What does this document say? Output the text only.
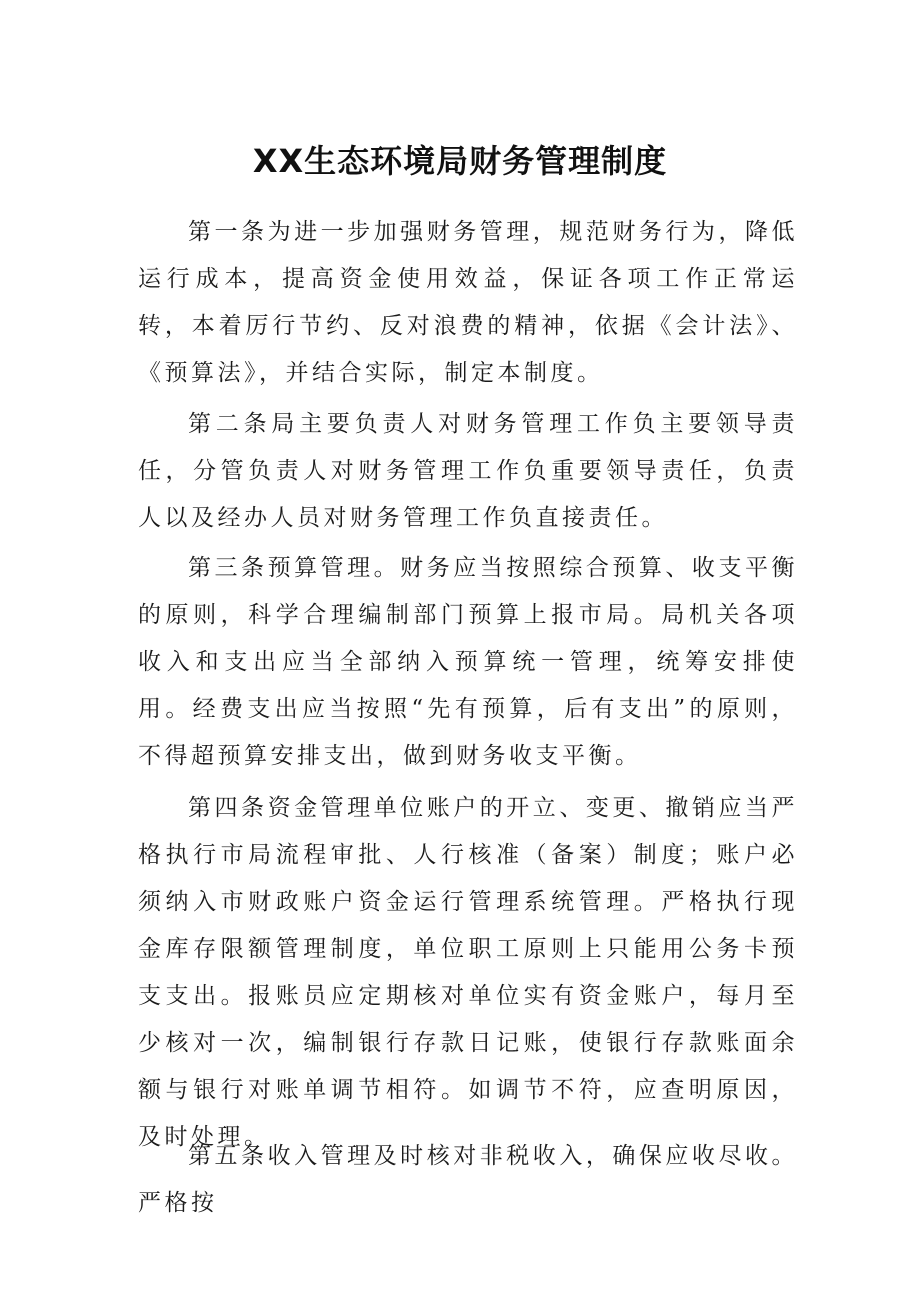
XX生态环境局财务管理制度

第一条为进一步加强财务管理，规范财务行为，降低运行成本，提高资金使用效益，保证各项工作正常运转，本着厉行节约、反对浪费的精神，依据《会计法》、《预算法》，并结合实际，制定本制度。

第二条局主要负责人对财务管理工作负主要领导责任，分管负责人对财务管理工作负重要领导责任，负责人以及经办人员对财务管理工作负直接责任。

第三条预算管理。财务应当按照综合预算、收支平衡的原则，科学合理编制部门预算上报市局。局机关各项收入和支出应当全部纳入预算统一管理，统筹安排使用。经费支出应当按照“先有预算，后有支出”的原则，不得超预算安排支出，做到财务收支平衡。

第四条资金管理单位账户的开立、变更、撤销应当严格执行市局流程审批、人行核准（备案）制度；账户必须纳入市财政账户资金运行管理系统管理。严格执行现金库存限额管理制度，单位职工原则上只能用公务卡预支支出。报账员应定期核对单位实有资金账户，每月至少核对一次，编制银行存款日记账，使银行存款账面余额与银行对账单调节相符。如调节不符，应查明原因，及时处理。

第五条收入管理及时核对非税收入，确保应收尽收。严格按
